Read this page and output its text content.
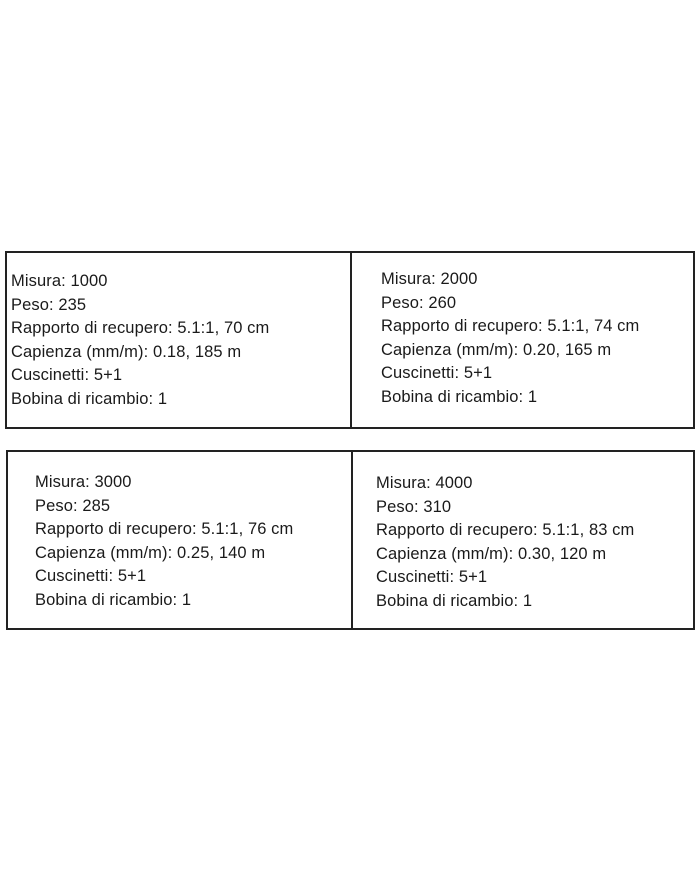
Misura: 1000
Peso: 235
Rapporto di recupero: 5.1:1, 70 cm
Capienza (mm/m): 0.18, 185 m
Cuscinetti: 5+1
Bobina di ricambio: 1
Misura: 2000
Peso: 260
Rapporto di recupero: 5.1:1, 74 cm
Capienza (mm/m): 0.20, 165 m
Cuscinetti: 5+1
Bobina di ricambio: 1
Misura: 3000
Peso: 285
Rapporto di recupero: 5.1:1, 76 cm
Capienza (mm/m): 0.25, 140 m
Cuscinetti: 5+1
Bobina di ricambio: 1
Misura: 4000
Peso: 310
Rapporto di recupero: 5.1:1, 83 cm
Capienza (mm/m): 0.30, 120 m
Cuscinetti: 5+1
Bobina di ricambio: 1
